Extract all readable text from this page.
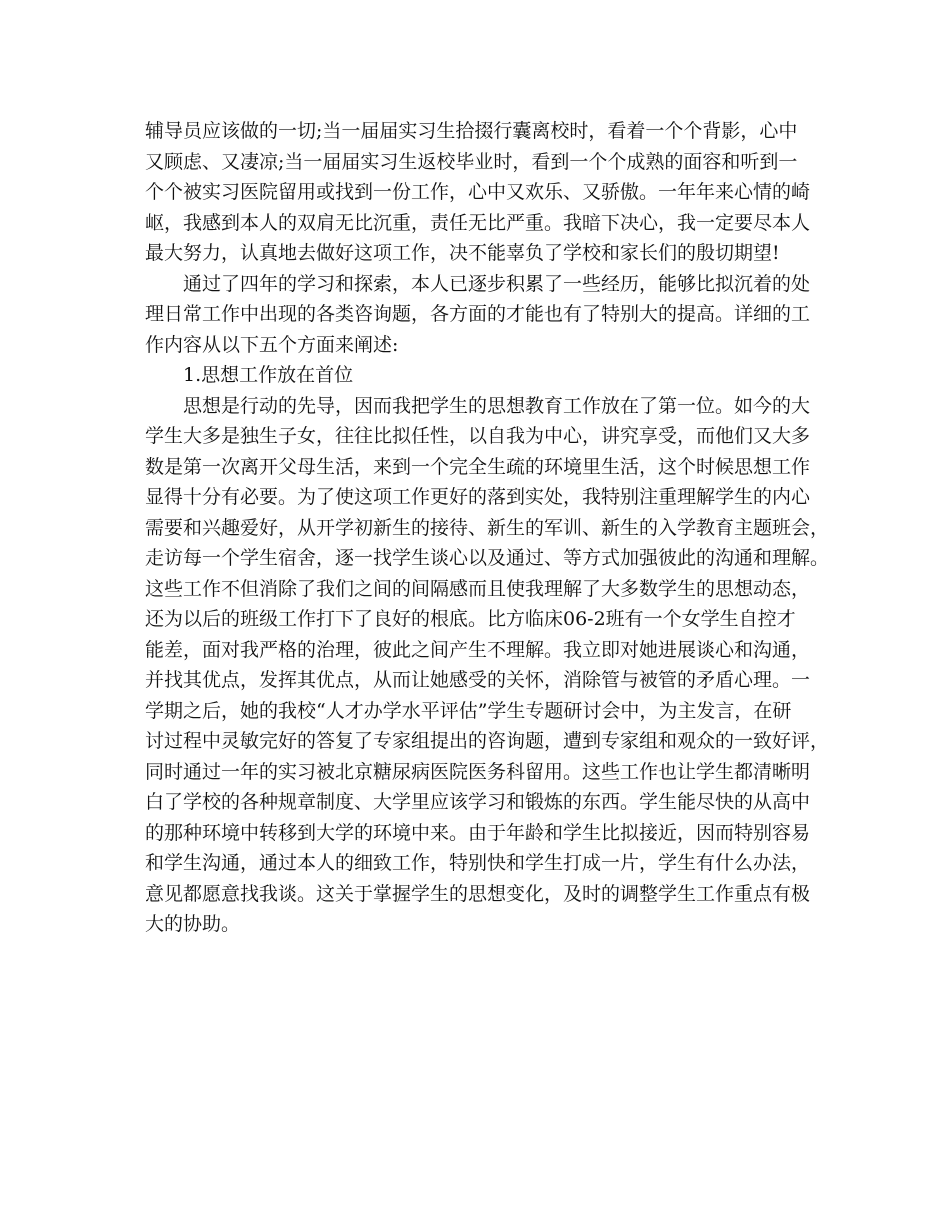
辅导员应该做的一切;当一届届实习生拾掇行囊离校时，看着一个个背影，心中
又顾虑、又凄凉;当一届届实习生返校毕业时，看到一个个成熟的面容和听到一
个个被实习医院留用或找到一份工作，心中又欢乐、又骄傲。一年年来心情的崎
岖，我感到本人的双肩无比沉重，责任无比严重。我暗下决心，我一定要尽本人
最大努力，认真地去做好这项工作，决不能辜负了学校和家长们的殷切期望!
通过了四年的学习和探索，本人已逐步积累了一些经历，能够比拟沉着的处
理日常工作中出现的各类咨询题，各方面的才能也有了特别大的提高。详细的工
作内容从以下五个方面来阐述:
1.思想工作放在首位
思想是行动的先导，因而我把学生的思想教育工作放在了第一位。如今的大
学生大多是独生子女，往往比拟任性，以自我为中心，讲究享受，而他们又大多
数是第一次离开父母生活，来到一个完全生疏的环境里生活，这个时候思想工作
显得十分有必要。为了使这项工作更好的落到实处，我特别注重理解学生的内心
需要和兴趣爱好，从开学初新生的接待、新生的军训、新生的入学教育主题班会，
走访每一个学生宿舍，逐一找学生谈心以及通过、等方式加强彼此的沟通和理解。
这些工作不但消除了我们之间的间隔感而且使我理解了大多数学生的思想动态，
还为以后的班级工作打下了良好的根底。比方临床06-2班有一个女学生自控才
能差，面对我严格的治理，彼此之间产生不理解。我立即对她进展谈心和沟通，
并找其优点，发挥其优点，从而让她感受的关怀，消除管与被管的矛盾心理。一
学期之后，她的我校“人才办学水平评估”学生专题研讨会中，为主发言，在研
讨过程中灵敏完好的答复了专家组提出的咨询题，遭到专家组和观众的一致好评，
同时通过一年的实习被北京糖尿病医院医务科留用。这些工作也让学生都清晰明
白了学校的各种规章制度、大学里应该学习和锻炼的东西。学生能尽快的从高中
的那种环境中转移到大学的环境中来。由于年龄和学生比拟接近，因而特别容易
和学生沟通，通过本人的细致工作，特别快和学生打成一片，学生有什么办法，
意见都愿意找我谈。这关于掌握学生的思想变化，及时的调整学生工作重点有极
大的协助。
